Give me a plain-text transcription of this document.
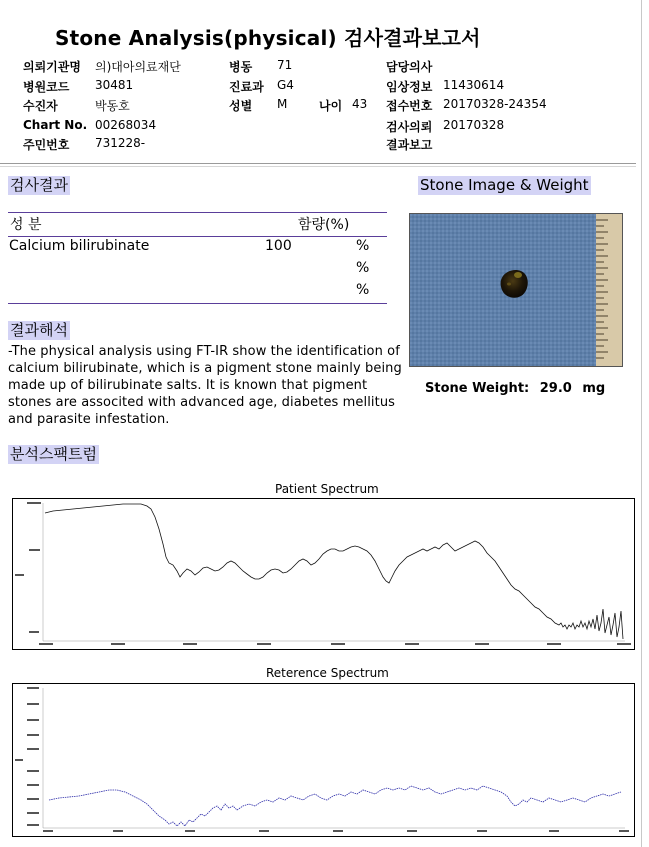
Stone Analysis(physical) 검사결과보고서
의뢰기관명 의)대아의료재단
병원코드 30481
수진자	박동호
Chart No. 00268034
주민번호 731228-
병동 71
진료과 G4
성별 M	나이 43
담당의사
임상정보 11430614
접수번호 20170328-24354
검사의뢰 20170328
결과보고
검사결과
성 분	함량(%)
Calcium bilirubinate	100	%
%
%
결과해석
-The physical analysis using FT-IR show the identification of calcium bilirubinate, which is a pigment stone mainly being made up of bilirubinate salts. It is known that pigment stones are associted with advanced age, diabetes mellitus and parasite infestation.
Stone Image & Weight
Stone Weight: 29.0 mg
분석스팩트럼
Patient Spectrum
Reterence Spectrum
